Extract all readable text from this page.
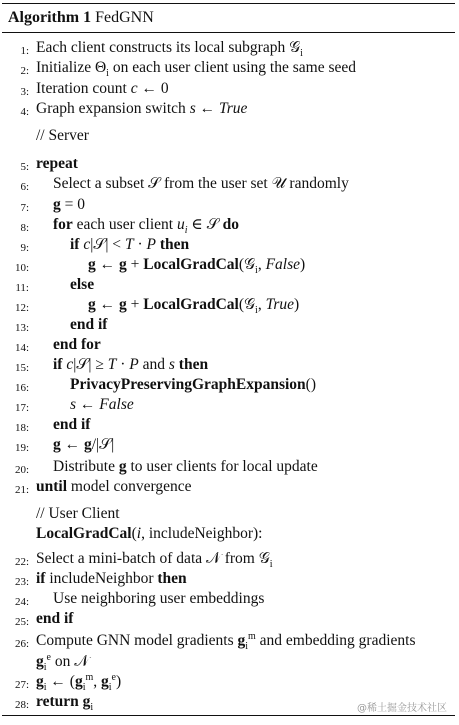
Algorithm 1 FedGNN
1: Each client constructs its local subgraph 𝒢$_i$
2: Initialize $\Theta_i$ on each user client using the same seed
3: Iteration count c ← 0
4: Graph expansion switch s ← True
// Server
5: repeat
6: Select a subset 𝒮 from the user set 𝒰 randomly
7: g = 0
8: for each user client $u_i$ ∈ 𝒮 do
9:	if c|𝒮| < T · P then
10:	g ← g + LocalGradCal(𝒢$_i$, False)
11:	else
12:	g ← g + LocalGradCal(𝒢$_i$, True)
13:	end if
14: end for
15: if c|𝒮| ≥ T · P and s then
16:	PrivacyPreservingGraphExpansion()
17:	s ← False
18: end if
19: g ← g/|𝒮|
20: Distribute g to user clients for local update
21: until model convergence
// User Client
LocalGradCal(i, includeNeighbor):
22: Select a mini-batch of data 𝒩 from 𝒢$_i$
23: if includeNeighbor then
24: Use neighboring user embeddings
25: end if
26: Compute GNN model gradients $g_i^m$ and embedding gradients
$g_i^e$ on 𝒩
27: $g_i$ ← ($g_i^m$, $g_i^e$)
28: return $g_i$	@稀土掘金技术社区
